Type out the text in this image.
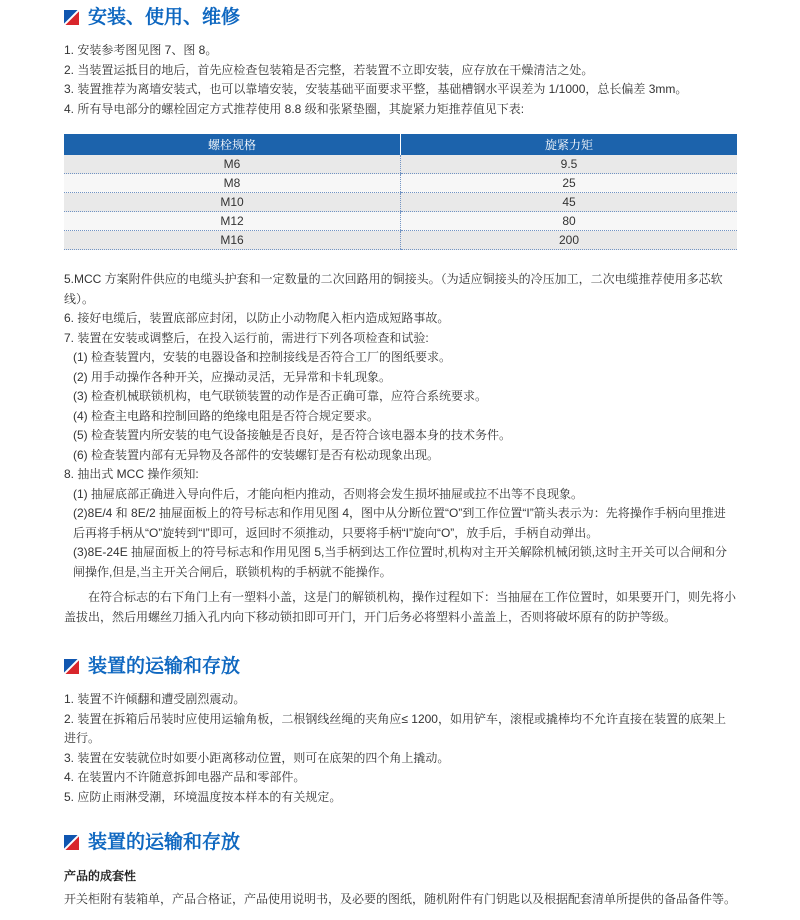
安装、使用、维修

1. 安装参考图见图 7、图 8。

2. 当装置运抵目的地后，首先应检查包装箱是否完整，若装置不立即安装，应存放在干燥清洁之处。

3. 装置推荐为离墙安装式，也可以靠墙安装，安装基础平面要求平整，基础槽钢水平误差为 1/1000，总长偏差 3mm。

4. 所有导电部分的螺栓固定方式推荐使用 8.8 级和张紧垫圈，其旋紧力矩推荐值见下表:

螺栓规格	旋紧力矩
M6	9.5
M8	25
M10	45
M12	80
M16	200

5.MCC 方案附件供应的电缆头护套和一定数量的二次回路用的铜接头。（为适应铜接头的冷压加工，二次电缆推荐使用多芯软线）。

6. 接好电缆后，装置底部应封闭，以防止小动物爬入柜内造成短路事故。

7. 装置在安装或调整后，在投入运行前，需进行下列各项检查和试验:

(1) 检查装置内，安装的电器设备和控制接线是否符合工厂的图纸要求。

(2) 用手动操作各种开关，应操动灵活，无异常和卡轧现象。

(3) 检查机械联锁机构，电气联锁装置的动作是否正确可靠，应符合系统要求。

(4) 检查主电路和控制回路的绝缘电阻是否符合规定要求。

(5) 检查装置内所安装的电气设备接触是否良好，是否符合该电器本身的技术务件。

(6) 检查装置内部有无异物及各部件的安装螺钉是否有松动现象出现。

8. 抽出式 MCC 操作须知:

(1) 抽屉底部正确进入导向件后，才能向柜内推动，否则将会发生损坏抽屉或拉不出等不良现象。

(2)8E/4 和 8E/2 抽屉面板上的符号标志和作用见图 4，图中从分断位置“O”到工作位置“I”箭头表示为：先将操作手柄向里推进后再将手柄从“O”旋转到“I”即可，返回时不须推动，只要将手柄“I”旋向“O”，放手后，手柄自动弹出。

(3)8E-24E 抽屉面板上的符号标志和作用见图 5,当手柄到达工作位置时,机构对主开关解除机械闭锁,这时主开关可以合闸和分闸操作,但是,当主开关合闸后，联锁机构的手柄就不能操作。

在符合标志的右下角门上有一塑料小盖，这是门的解锁机构，操作过程如下：当抽屉在工作位置时，如果要开门，则先将小盖拔出，然后用螺丝刀插入孔内向下移动锁扣即可开门，开门后务必将塑料小盖盖上，否则将破坏原有的防护等级。

装置的运输和存放

1. 装置不许倾翻和遭受剧烈震动。

2. 装置在拆箱后吊装时应使用运输角板，二根钢线丝绳的夹角应≤ 1200，如用铲车，滚棍或撬棒均不允许直接在装置的底架上进行。

3. 装置在安装就位时如要小距离移动位置，则可在底架的四个角上撬动。

4. 在装置内不许随意拆卸电器产品和零部件。

5. 应防止雨淋受潮，环境温度按本样本的有关规定。

装置的运输和存放

产品的成套性

开关柜附有装箱单，产品合格证，产品使用说明书，及必要的图纸，随机附件有门钥匙以及根据配套清单所提供的备品备件等。
